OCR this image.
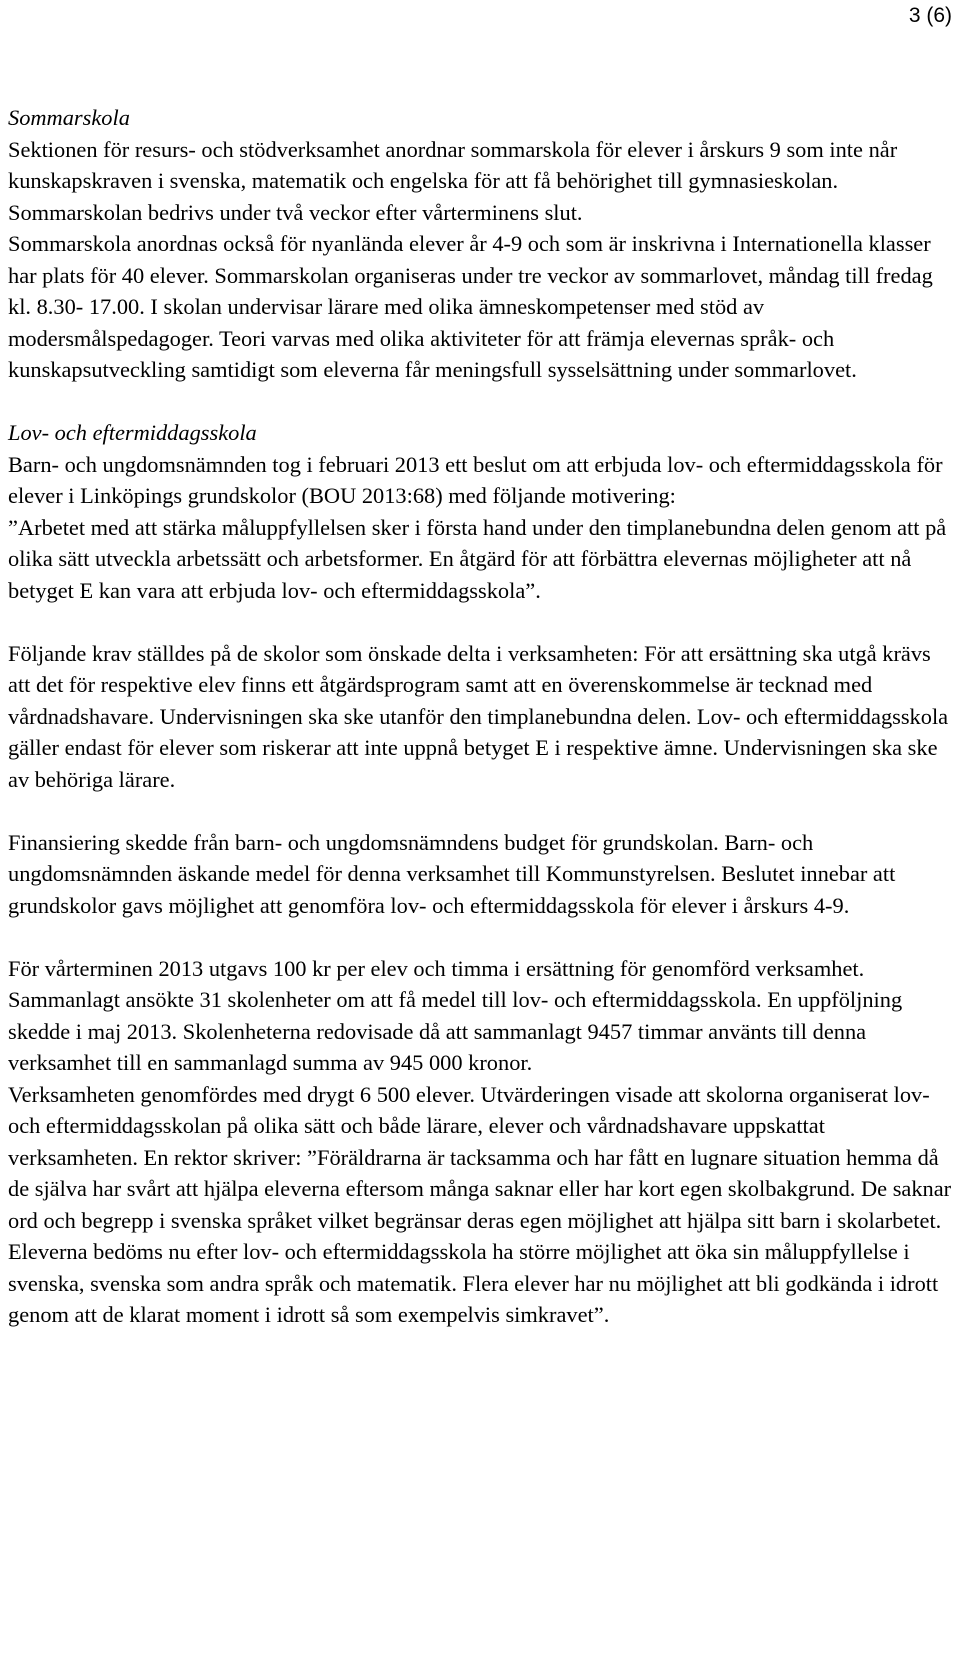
3 (6)

Sommarskola

Sektionen för resurs- och stödverksamhet anordnar sommarskola för elever i årskurs 9 som inte når kunskapskraven i svenska, matematik och engelska för att få behörighet till gymnasieskolan. Sommarskolan bedrivs under två veckor efter vårterminens slut.

Sommarskola anordnas också för nyanlända elever år 4-9 och som är inskrivna i Internationella klasser har plats för 40 elever. Sommarskolan organiseras under tre veckor av sommarlovet, måndag till fredag kl. 8.30- 17.00. I skolan undervisar lärare med olika ämneskompetenser med stöd av modersmålspedagoger. Teori varvas med olika aktiviteter för att främja elevernas språk- och kunskapsutveckling samtidigt som eleverna får meningsfull sysselsättning under sommarlovet.

Lov- och eftermiddagsskola

Barn- och ungdomsnämnden tog i februari 2013 ett beslut om att erbjuda lov- och eftermiddagsskola för elever i Linköpings grundskolor (BOU 2013:68) med följande motivering:

”Arbetet med att stärka måluppfyllelsen sker i första hand under den timplanebundna delen genom att på olika sätt utveckla arbetssätt och arbetsformer. En åtgärd för att förbättra elevernas möjligheter att nå betyget E kan vara att erbjuda lov- och eftermiddagsskola”.

Följande krav ställdes på de skolor som önskade delta i verksamheten: För att ersättning ska utgå krävs att det för respektive elev finns ett åtgärdsprogram samt att en överenskommelse är tecknad med vårdnadshavare. Undervisningen ska ske utanför den timplanebundna delen. Lov- och eftermiddagsskola gäller endast för elever som riskerar att inte uppnå betyget E i respektive ämne. Undervisningen ska ske av behöriga lärare.

Finansiering skedde från barn- och ungdomsnämndens budget för grundskolan. Barn- och ungdomsnämnden äskande medel för denna verksamhet till Kommunstyrelsen. Beslutet innebar att grundskolor gavs möjlighet att genomföra lov- och eftermiddagsskola för elever i årskurs 4-9.

För vårterminen 2013 utgavs 100 kr per elev och timma i ersättning för genomförd verksamhet. Sammanlagt ansökte 31 skolenheter om att få medel till lov- och eftermiddagsskola. En uppföljning skedde i maj 2013. Skolenheterna redovisade då att sammanlagt 9457 timmar använts till denna verksamhet till en sammanlagd summa av 945 000 kronor.

Verksamheten genomfördes med drygt 6 500 elever. Utvärderingen visade att skolorna organiserat lov- och eftermiddagsskolan på olika sätt och både lärare, elever och vårdnadshavare uppskattat verksamheten. En rektor skriver: ”Föräldrarna är tacksamma och har fått en lugnare situation hemma då de själva har svårt att hjälpa eleverna eftersom många saknar eller har kort egen skolbakgrund. De saknar ord och begrepp i svenska språket vilket begränsar deras egen möjlighet att hjälpa sitt barn i skolarbetet. Eleverna bedöms nu efter lov- och eftermiddagsskola ha större möjlighet att öka sin måluppfyllelse i svenska, svenska som andra språk och matematik. Flera elever har nu möjlighet att bli godkända i idrott genom att de klarat moment i idrott så som exempelvis simkravet”.
